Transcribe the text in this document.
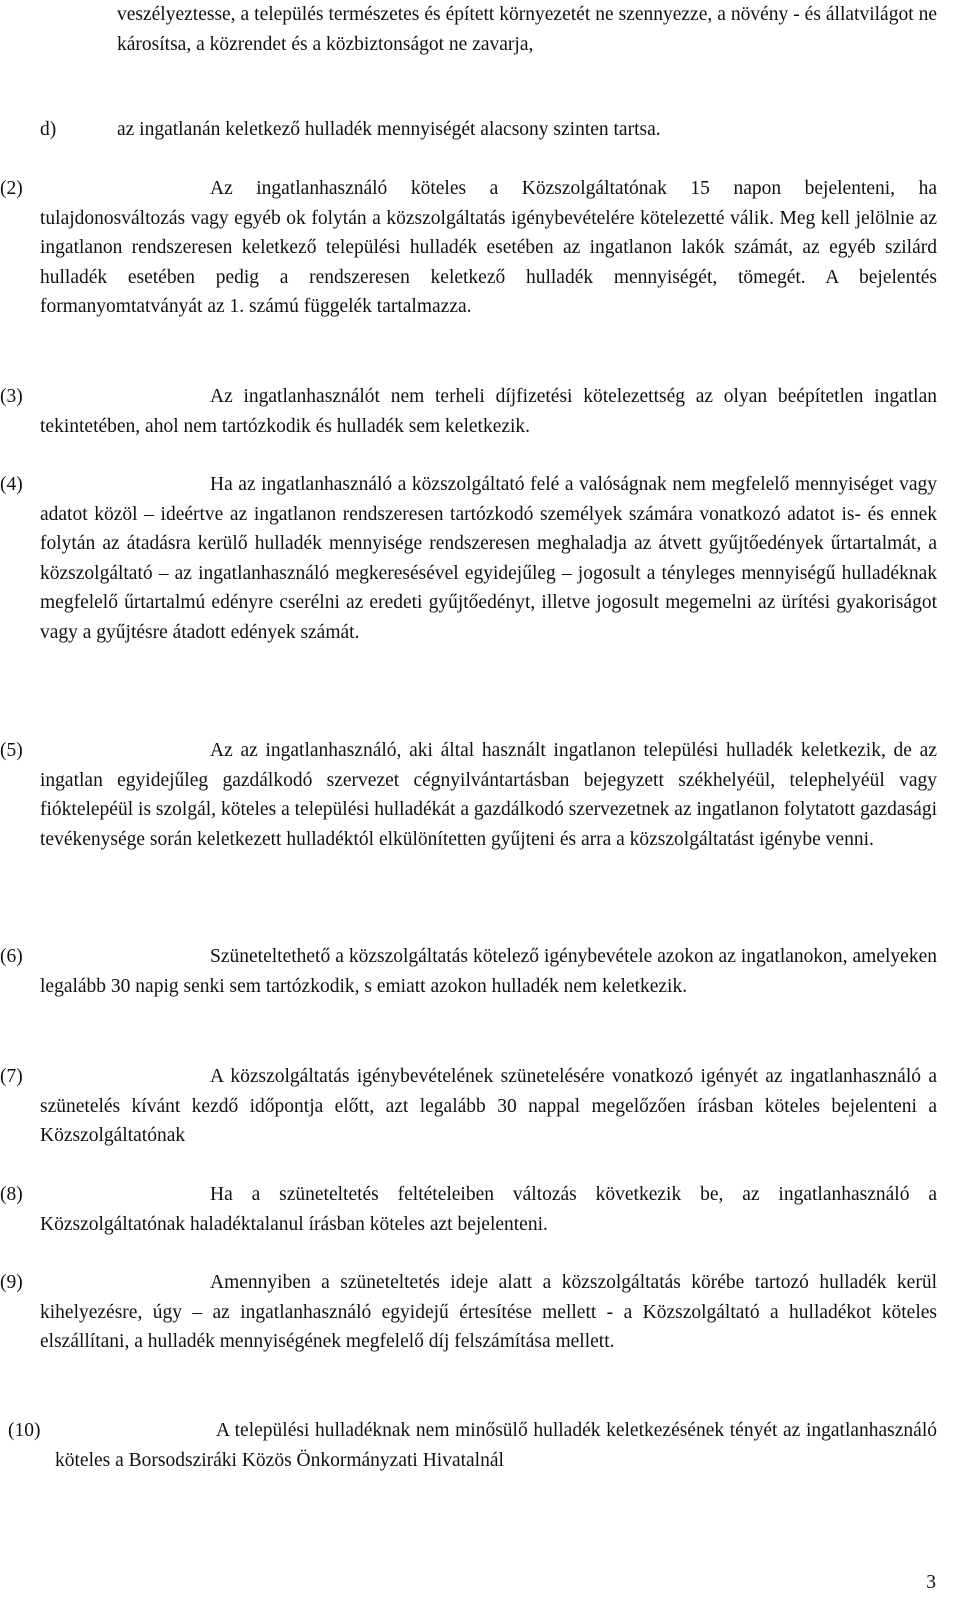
veszélyeztesse, a település természetes és épített környezetét ne szennyezze, a növény - és állatvilágot ne károsítsa, a közrendet és a közbiztonságot ne zavarja,
d)	az ingatlanán keletkező hulladék mennyiségét alacsony szinten tartsa.
(2)	Az ingatlanhasználó köteles a Közszolgáltatónak 15 napon bejelenteni, ha tulajdonosváltozás vagy egyéb ok folytán a közszolgáltatás igénybevételére kötelezetté válik. Meg kell jelölnie az ingatlanon rendszeresen keletkező települési hulladék esetében az ingatlanon lakók számát, az egyéb szilárd hulladék esetében pedig a rendszeresen keletkező hulladék mennyiségét, tömegét. A bejelentés formanyomtatványát az 1. számú függelék tartalmazza.
(3)	Az ingatlanhasználót nem terheli díjfizetési kötelezettség az olyan beépítetlen ingatlan tekintetében, ahol nem tartózkodik és hulladék sem keletkezik.
(4)	Ha az ingatlanhasználó a közszolgáltató felé a valóságnak nem megfelelő mennyiséget vagy adatot közöl – ideértve az ingatlanon rendszeresen tartózkodó személyek számára vonatkozó adatot is- és ennek folytán az átadásra kerülő hulladék mennyisége rendszeresen meghaladja az átvett gyűjtőedények űrtartalmát, a közszolgáltató – az ingatlanhasználó megkeresésével egyidejűleg – jogosult a tényleges mennyiségű hulladéknak megfelelő űrtartalmú edényre cserélni az eredeti gyűjtőedényt, illetve jogosult megemelni az ürítési gyakoriságot vagy a gyűjtésre átadott edények számát.
(5)	Az az ingatlanhasználó, aki által használt ingatlanon települési hulladék keletkezik, de az ingatlan egyidejűleg gazdálkodó szervezet cégnyilvántartásban bejegyzett székhelyéül, telephelyéül vagy fióktelepéül is szolgál, köteles a települési hulladékát a gazdálkodó szervezetnek az ingatlanon folytatott gazdasági tevékenysége során keletkezett hulladéktól elkülönítetten gyűjteni és arra a közszolgáltatást igénybe venni.
(6)	Szüneteltethető a közszolgáltatás kötelező igénybevétele azokon az ingatlanokon, amelyeken legalább 30 napig senki sem tartózkodik, s emiatt azokon hulladék nem keletkezik.
(7)	A közszolgáltatás igénybevételének szünetelésére vonatkozó igényét az ingatlanhasználó a szünetelés kívánt kezdő időpontja előtt, azt legalább 30 nappal megelőzően írásban köteles bejelenteni a Közszolgáltatónak
(8)	Ha a szüneteltetés feltételeiben változás következik be, az ingatlanhasználó a Közszolgáltatónak haladéktalanul írásban köteles azt bejelenteni.
(9)	Amennyiben a szüneteltetés ideje alatt a közszolgáltatás körébe tartozó hulladék kerül kihelyezésre, úgy – az ingatlanhasználó egyidejű értesítése mellett - a Közszolgáltató a hulladékot köteles elszállítani, a hulladék mennyiségének megfelelő díj felszámítása mellett.
(10)	A települési hulladéknak nem minősülő hulladék keletkezésének tényét az ingatlanhasználó köteles a Borsodsziráki Közös Önkormányzati Hivatalnál
3
